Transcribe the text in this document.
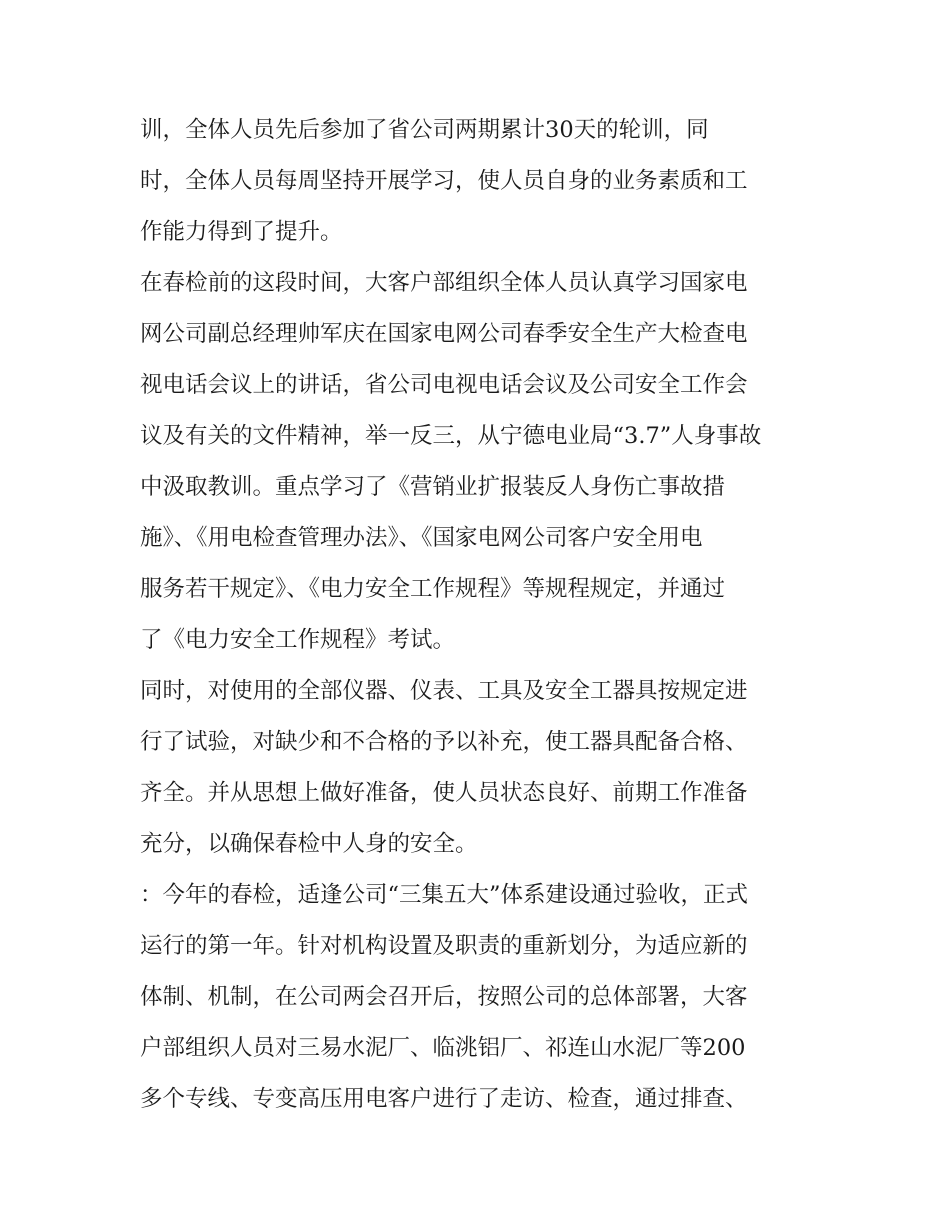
训，全体人员先后参加了省公司两期累计30天的轮训，同
时，全体人员每周坚持开展学习，使人员自身的业务素质和工
作能力得到了提升。
在春检前的这段时间，大客户部组织全体人员认真学习国家电
网公司副总经理帅军庆在国家电网公司春季安全生产大检查电
视电话会议上的讲话，省公司电视电话会议及公司安全工作会
议及有关的文件精神，举一反三，从宁德电业局“3.7”人身事故
中汲取教训。重点学习了《营销业扩报装反人身伤亡事故措
施》、《用电检查管理办法》、《国家电网公司客户安全用电
服务若干规定》、《电力安全工作规程》等规程规定，并通过
了《电力安全工作规程》考试。
同时，对使用的全部仪器、仪表、工具及安全工器具按规定进
行了试验，对缺少和不合格的予以补充，使工器具配备合格、
齐全。并从思想上做好准备，使人员状态良好、前期工作准备
充分，以确保春检中人身的安全。
：今年的春检，适逢公司“三集五大”体系建设通过验收，正式
运行的第一年。针对机构设置及职责的重新划分，为适应新的
体制、机制，在公司两会召开后，按照公司的总体部署，大客
户部组织人员对三易水泥厂、临洮铝厂、祁连山水泥厂等200
多个专线、专变高压用电客户进行了走访、检查，通过排查、
